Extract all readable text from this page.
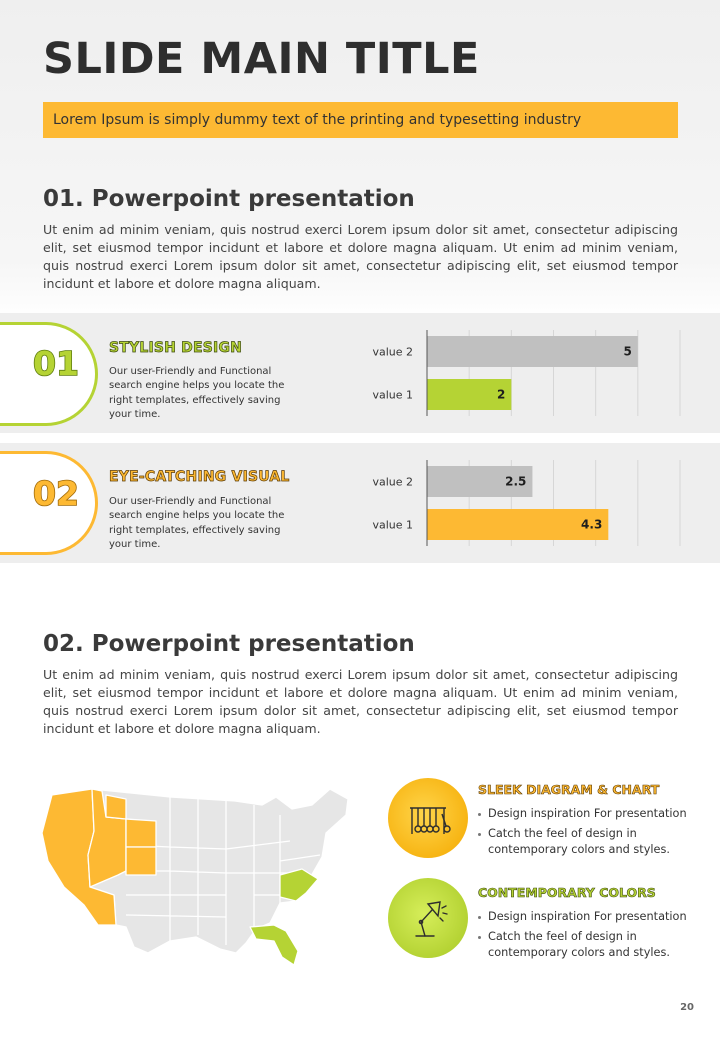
SLIDE MAIN TITLE
Lorem Ipsum is simply dummy text of the printing and typesetting industry
01. Powerpoint presentation
Ut enim ad minim veniam, quis nostrud exerci Lorem ipsum dolor sit amet, consectetur adipiscing elit, set eiusmod tempor incidunt et labore et dolore magna aliquam. Ut enim ad minim veniam, quis nostrud exerci Lorem ipsum dolor sit amet, consectetur adipiscing elit, set eiusmod tempor incidunt et labore et dolore magna aliquam.
01 STYLISH DESIGN
Our user-Friendly and Functional search engine helps you locate the right templates, effectively saving your time.
value 2	5
value 1	2
02 EYE-CATCHING VISUAL
Our user-Friendly and Functional search engine helps you locate the right templates, effectively saving your time.
value 2	2.5
value 1	4.3
02. Powerpoint presentation
Ut enim ad minim veniam, quis nostrud exerci Lorem ipsum dolor sit amet, consectetur adipiscing elit, set eiusmod tempor incidunt et labore et dolore magna aliquam. Ut enim ad minim veniam, quis nostrud exerci Lorem ipsum dolor sit amet, consectetur adipiscing elit, set eiusmod tempor incidunt et labore et dolore magna aliquam.
SLEEK DIAGRAM & CHART
Design inspiration For presentation
Catch the feel of design in contemporary colors and styles.
CONTEMPORARY COLORS
Design inspiration For presentation
Catch the feel of design in contemporary colors and styles.
20
